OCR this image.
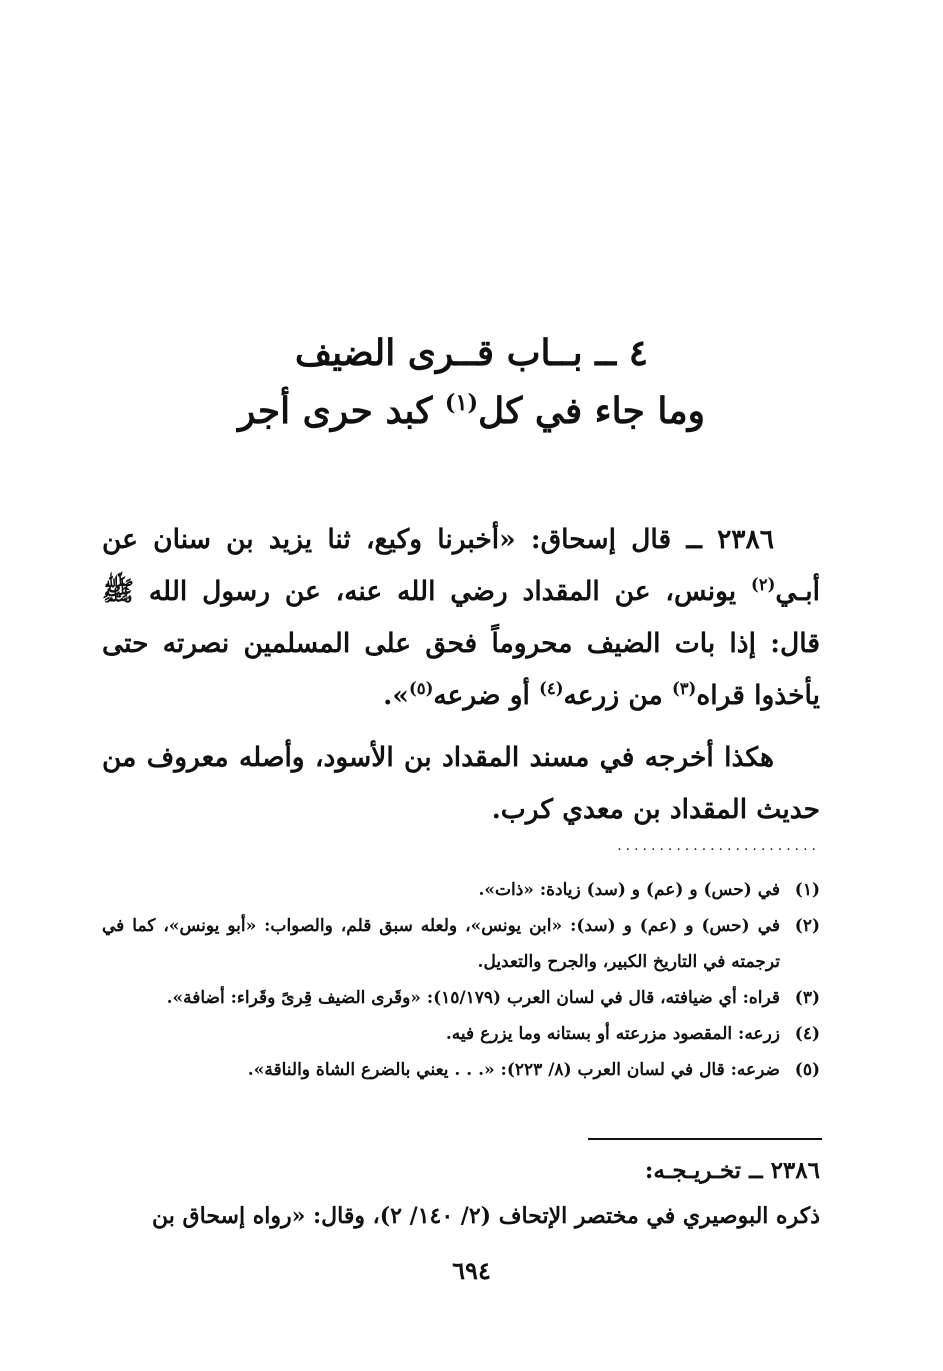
٤ ــ بــاب قــرى الضيف
وما جاء في كل$^{(١)}$ كبد حرى أجر

٢٣٨٦ ــ قال إسحاق: «أخبرنا وكيع، ثنا يزيد بن سنان عن أبـي$^{(٢)}$ يونس، عن المقداد رضي الله عنه، عن رسول الله ﷺ قال: إذا بات الضيف محروماً فحق على المسلمين نصرته حتى يأخذوا قراه$^{(٣)}$ من زرعه$^{(٤)}$ أو ضرعه$^{(٥)}$».

هكذا أخرجه في مسند المقداد بن الأسود، وأصله معروف من حديث المقداد بن معدي كرب.

........................
(١)
في (حس) و (عم) و (سد) زيادة: «ذات».
(٢)
في (حس) و (عم) و (سد): «ابن يونس»، ولعله سبق قلم، والصواب: «أبو يونس»، كما في ترجمته في التاريخ الكبير، والجرح والتعديل.
(٣)
قراه: أي ضيافته، قال في لسان العرب (١٥/١٧٩): «وقَرى الضيف قِرىً وقَراء: أضافة».
(٤)
زرعه: المقصود مزرعته أو بستانه وما يزرع فيه.
(٥)
ضرعه: قال في لسان العرب (٨/ ٢٢٣): «. . . يعني بالضرع الشاة والناقة».
٢٣٨٦ ــ تخـريـجـه:
ذكره البوصيري في مختصر الإتحاف (٢/ ١٤٠/ ٢)، وقال: «رواه إسحاق بن
٦٩٤
